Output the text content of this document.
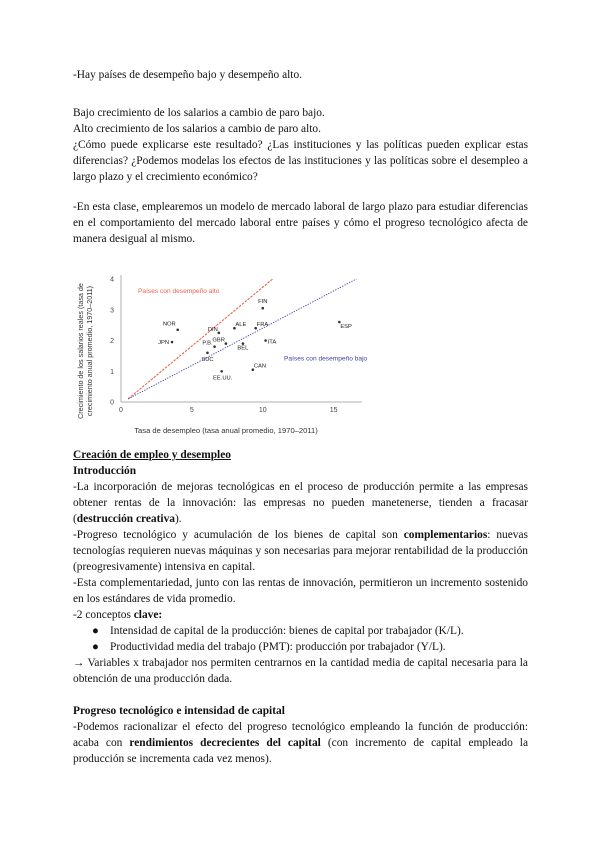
-Hay países de desempeño bajo y desempeño alto.

Bajo crecimiento de los salarios a cambio de paro bajo.

Alto crecimiento de los salarios a cambio de paro alto.

¿Cómo puede explicarse este resultado? ¿Las instituciones y las políticas pueden explicar estas diferencias? ¿Podemos modelas los efectos de las instituciones y las políticas sobre el desempleo a largo plazo y el crecimiento económico?

-En esta clase, emplearemos un modelo de mercado laboral de largo plazo para estudiar diferencias en el comportamiento del mercado laboral entre países y cómo el progreso tecnológico afecta de manera desigual al mismo.

Crecimiento de los salarios reales (tasa de crecimiento anual promedio, 1970–2011) 0
1
2
3
4
0	5	10	15
Países con desempeño alto
Países con desempeño bajo
FIN
NOR
JPN
DIN
ALE FRA
GBR
P.B.
SUC
BEL
ITA
ESP
CAN
EE.UU.
Tasa de desempleo (tasa anual promedio, 1970–2011)

Creación de empleo y desempleo

Introducción

-La incorporación de mejoras tecnológicas en el proceso de producción permite a las empresas obtener rentas de la innovación: las empresas no pueden manetenerse, tienden a fracasar (destrucción creativa).

-Progreso tecnológico y acumulación de los bienes de capital son complementarios: nuevas tecnologías requieren nuevas máquinas y son necesarias para mejorar rentabilidad de la producción (preogresivamente) intensiva en capital.

-Esta complementariedad, junto con las rentas de innovación, permitieron un incremento sostenido en los estándares de vida promedio.

-2 conceptos clave:

● Intensidad de capital de la producción: bienes de capital por trabajador (K/L).
● Productividad media del trabajo (PMT): producción por trabajador (Y/L).

→ Variables x trabajador nos permiten centrarnos en la cantidad media de capital necesaria para la obtención de una producción dada.

Progreso tecnológico e intensidad de capital

-Podemos racionalizar el efecto del progreso tecnológico empleando la función de producción: acaba con rendimientos decrecientes del capital (con incremento de capital empleado la producción se incrementa cada vez menos).
